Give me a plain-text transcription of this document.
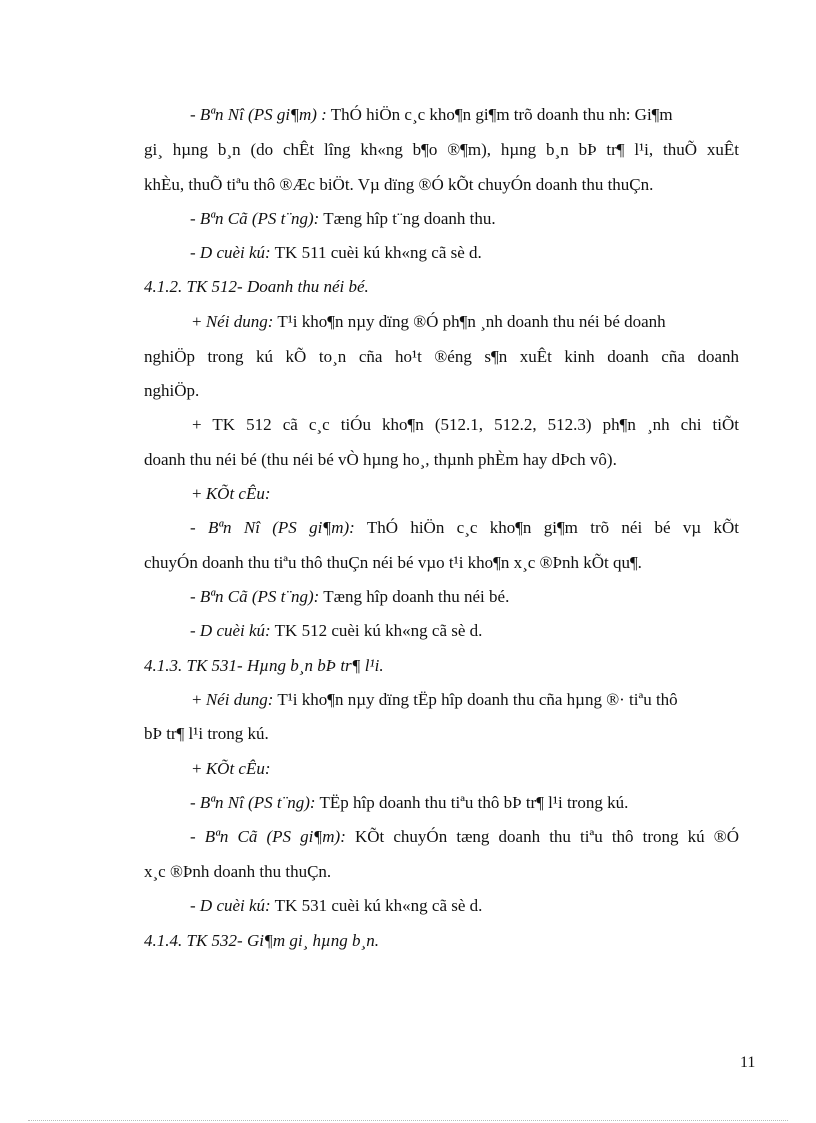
- Bªn Nî (PS gi¶m) : ThÓ hiÖn c¸c kho¶n gi¶m trõ doanh thu nh: Gi¶m
gi¸ hµng b¸n (do chÊt lîng kh«ng b¶o ®¶m), hµng b¸n bÞ tr¶ l¹i, thuÕ xuÊt
khÈu, thuÕ tiªu thô ®Æc biÖt. Vµ dïng ®Ó kÕt chuyÓn doanh thu thuÇn.
- Bªn Cã (PS t¨ng): Tæng hîp t¨ng doanh thu.
- D cuèi kú: TK 511 cuèi kú kh«ng cã sè d.
4.1.2. TK 512- Doanh thu néi bé.
+ Néi dung: T¹i kho¶n nµy dïng ®Ó ph¶n ¸nh doanh thu néi bé doanh
nghiÖp trong kú kÕ to¸n cña ho¹t ®éng s¶n xuÊt kinh doanh cña doanh
nghiÖp.
+ TK 512 cã c¸c tiÓu kho¶n (512.1, 512.2, 512.3) ph¶n ¸nh chi tiÕt
doanh thu néi bé (thu néi bé vÒ hµng ho¸, thµnh phÈm hay dÞch vô).
+ KÕt cÊu:
- Bªn Nî (PS gi¶m): ThÓ hiÖn c¸c kho¶n gi¶m trõ néi bé vµ kÕt
chuyÓn doanh thu tiªu thô thuÇn néi bé vµo t¹i kho¶n x¸c ®Þnh kÕt qu¶.
- Bªn Cã (PS t¨ng): Tæng hîp doanh thu néi bé.
- D cuèi kú: TK 512 cuèi kú kh«ng cã sè d.
4.1.3. TK 531- Hµng b¸n bÞ tr¶ l¹i.
+ Néi dung: T¹i kho¶n nµy dïng tËp hîp doanh thu cña hµng ®· tiªu thô
bÞ tr¶ l¹i trong kú.
+ KÕt cÊu:
- Bªn Nî (PS t¨ng): TËp hîp doanh thu tiªu thô bÞ tr¶ l¹i trong kú.
- Bªn Cã (PS gi¶m): KÕt chuyÓn tæng doanh thu tiªu thô trong kú ®Ó
x¸c ®Þnh doanh thu thuÇn.
- D cuèi kú: TK 531 cuèi kú kh«ng cã sè d.
4.1.4. TK 532- Gi¶m gi¸ hµng b¸n.
11
